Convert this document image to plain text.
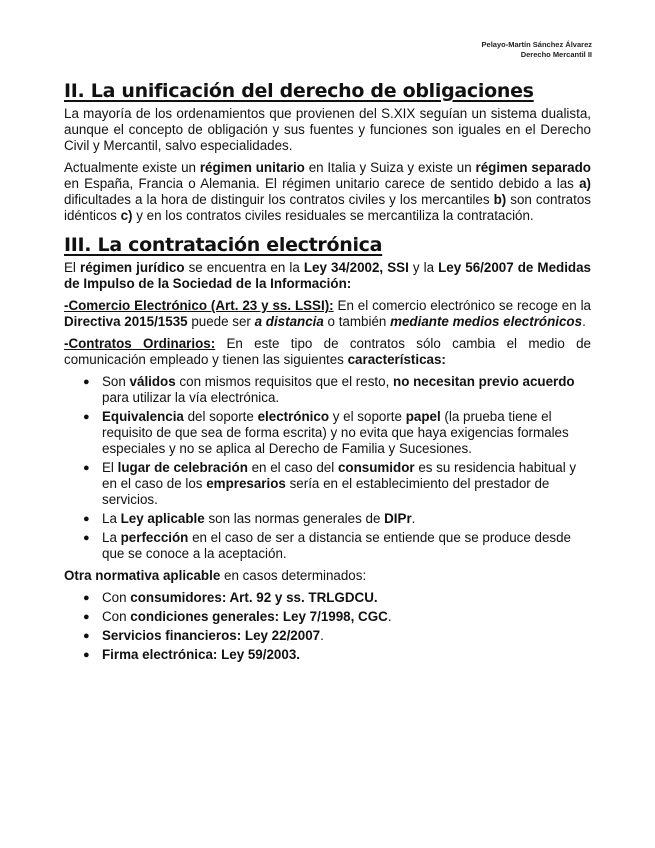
Pelayo-Martín Sánchez Álvarez
Derecho Mercantil II
II. La unificación del derecho de obligaciones

La mayoría de los ordenamientos que provienen del S.XIX seguían un sistema dualista, aunque el concepto de obligación y sus fuentes y funciones son iguales en el Derecho Civil y Mercantil, salvo especialidades.

Actualmente existe un régimen unitario en Italia y Suiza y existe un régimen separado en España, Francia o Alemania. El régimen unitario carece de sentido debido a las a) dificultades a la hora de distinguir los contratos civiles y los mercantiles b) son contratos idénticos c) y en los contratos civiles residuales se mercantiliza la contratación.

III. La contratación electrónica

El régimen jurídico se encuentra en la Ley 34/2002, SSI y la Ley 56/2007 de Medidas de Impulso de la Sociedad de la Información:

-Comercio Electrónico (Art. 23 y ss. LSSI): En el comercio electrónico se recoge en la Directiva 2015/1535 puede ser a distancia o también mediante medios electrónicos.

-Contratos Ordinarios: En este tipo de contratos sólo cambia el medio de comunicación empleado y tienen las siguientes características:

● Son válidos con mismos requisitos que el resto, no necesitan previo acuerdo para utilizar la vía electrónica.
● Equivalencia del soporte electrónico y el soporte papel (la prueba tiene el requisito de que sea de forma escrita) y no evita que haya exigencias formales especiales y no se aplica al Derecho de Familia y Sucesiones.
● El lugar de celebración en el caso del consumidor es su residencia habitual y en el caso de los empresarios sería en el establecimiento del prestador de servicios.
● La Ley aplicable son las normas generales de DIPr.
● La perfección en el caso de ser a distancia se entiende que se produce desde que se conoce a la aceptación.

Otra normativa aplicable en casos determinados:

● Con consumidores: Art. 92 y ss. TRLGDCU.
● Con condiciones generales: Ley 7/1998, CGC.
● Servicios financieros: Ley 22/2007.
● Firma electrónica: Ley 59/2003.
